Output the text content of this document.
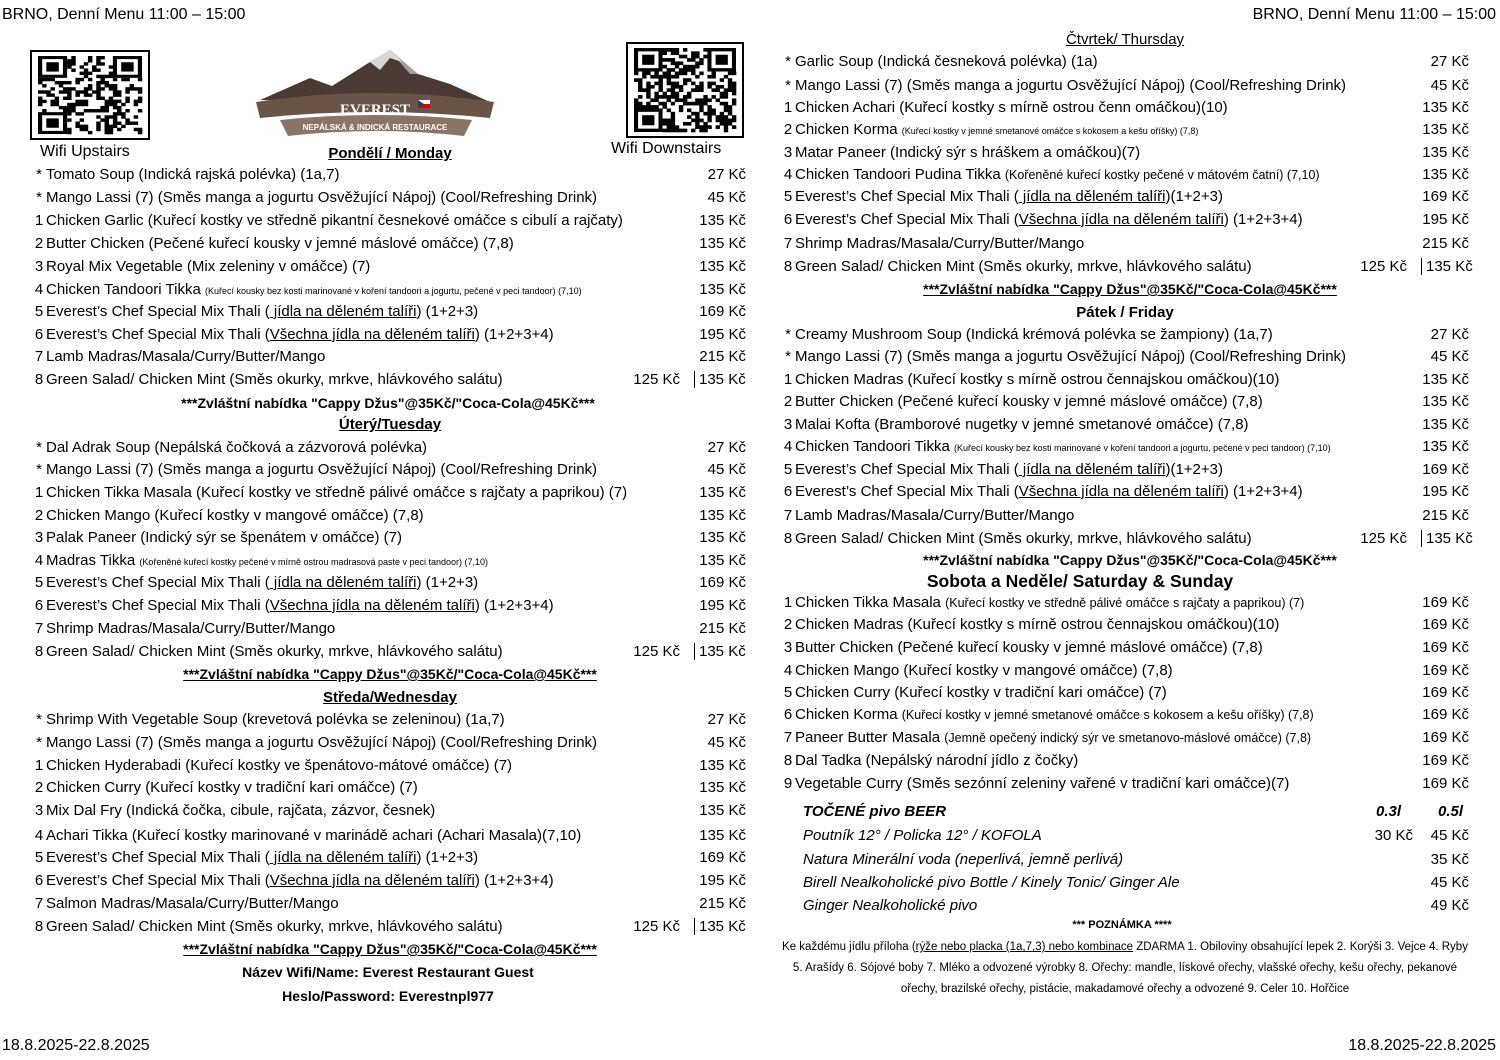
BRNO, Denní Menu 11:00 – 15:00	BRNO, Denní Menu 11:00 – 15:00
18.8.2025-22.8.2025	18.8.2025-22.8.2025
Wifi Upstairs	Wifi Downstairs
since	2010
EVEREST
NEPÁLSKÁ & INDICKÁ RESTAURACE
Pondělí / Monday
* Tomato Soup (Indická rajská polévka) (1a,7)	27 Kč
* Mango Lassi (7) (Směs manga a jogurtu Osvěžující Nápoj) (Cool/Refreshing Drink)	45 Kč
1 Chicken Garlic (Kuřecí kostky ve středně pikantní česnekové omáčce s cibulí a rajčaty)	135 Kč
2 Butter Chicken (Pečené kuřecí kousky v jemné máslové omáčce) (7,8)	135 Kč
3 Royal Mix Vegetable (Mix zeleniny v omáčce) (7)	135 Kč
4 Chicken Tandoori Tikka (Kuřecí kousky bez kosti marinované v koření tandoori a jogurtu, pečené v peci tandoor) (7,10)	135 Kč
5 Everest’s Chef Special Mix Thali ( jídla na děleném talíři) (1+2+3)	169 Kč
6 Everest’s Chef Special Mix Thali (Všechna jídla na děleném talíři) (1+2+3+4)	195 Kč
7 Lamb Madras/Masala/Curry/Butter/Mango	215 Kč
8 Green Salad/ Chicken Mint (Směs okurky, mrkve, hlávkového salátu)	125 Kč	135 Kč
***Zvláštní nabídka "Cappy Džus"@35Kč/"Coca-Cola@45Kč***
Úterý/Tuesday
* Dal Adrak Soup (Nepálská čočková a zázvorová polévka)	27 Kč
* Mango Lassi (7) (Směs manga a jogurtu Osvěžující Nápoj) (Cool/Refreshing Drink)	45 Kč
1 Chicken Tikka Masala (Kuřecí kostky ve středně pálivé omáčce s rajčaty a paprikou) (7)	135 Kč
2 Chicken Mango (Kuřecí kostky v mangové omáčce) (7,8)	135 Kč
3 Palak Paneer (Indický sýr se špenátem v omáčce) (7)	135 Kč
4 Madras Tikka (Kořeněné kuřecí kostky pečené v mírně ostrou madrasová paste v peci tandoor) (7,10)	135 Kč
5 Everest’s Chef Special Mix Thali ( jídla na děleném talíři) (1+2+3)	169 Kč
6 Everest’s Chef Special Mix Thali (Všechna jídla na děleném talíři) (1+2+3+4)	195 Kč
7 Shrimp Madras/Masala/Curry/Butter/Mango	215 Kč
8 Green Salad/ Chicken Mint (Směs okurky, mrkve, hlávkového salátu)	125 Kč	135 Kč
***Zvláštní nabídka "Cappy Džus"@35Kč/"Coca-Cola@45Kč***
Středa/Wednesday
* Shrimp With Vegetable Soup (krevetová polévka se zeleninou) (1a,7)	27 Kč
* Mango Lassi (7) (Směs manga a jogurtu Osvěžující Nápoj) (Cool/Refreshing Drink)	45 Kč
1 Chicken Hyderabadi (Kuřecí kostky ve špenátovo-mátové omáčce) (7)	135 Kč
2 Chicken Curry (Kuřecí kostky v tradiční kari omáčce) (7)	135 Kč
3 Mix Dal Fry (Indická čočka, cibule, rajčata, zázvor, česnek)	135 Kč
4 Achari Tikka (Kuřecí kostky marinované v marinádě achari (Achari Masala)(7,10)	135 Kč
5 Everest’s Chef Special Mix Thali ( jídla na děleném talíři) (1+2+3)	169 Kč
6 Everest’s Chef Special Mix Thali (Všechna jídla na děleném talíři) (1+2+3+4)	195 Kč
7 Salmon Madras/Masala/Curry/Butter/Mango	215 Kč
8 Green Salad/ Chicken Mint (Směs okurky, mrkve, hlávkového salátu)	125 Kč	135 Kč
***Zvláštní nabídka "Cappy Džus"@35Kč/"Coca-Cola@45Kč***
Čtvrtek/ Thursday
* Garlic Soup (Indická česneková polévka) (1a)	27 Kč
* Mango Lassi (7) (Směs manga a jogurtu Osvěžující Nápoj) (Cool/Refreshing Drink)	45 Kč
1 Chicken Achari (Kuřecí kostky s mírně ostrou čenn omáčkou)(10)	135 Kč
2 Chicken Korma (Kuřecí kostky v jemné smetanové omáčce s kokosem a kešu oříšky) (7,8)	135 Kč
3 Matar Paneer (Indický sýr s hráškem a omáčkou)(7)	135 Kč
4 Chicken Tandoori Pudina Tikka (Kořeněné kuřecí kostky pečené v mátovém čatní) (7,10)	135 Kč
5 Everest’s Chef Special Mix Thali ( jídla na děleném talíři)(1+2+3)	169 Kč
6 Everest’s Chef Special Mix Thali (Všechna jídla na děleném talíři) (1+2+3+4)	195 Kč
7 Shrimp Madras/Masala/Curry/Butter/Mango	215 Kč
8 Green Salad/ Chicken Mint (Směs okurky, mrkve, hlávkového salátu)	125 Kč	135 Kč
***Zvláštní nabídka "Cappy Džus"@35Kč/"Coca-Cola@45Kč***
Pátek / Friday
* Creamy Mushroom Soup (Indická krémová polévka se žampiony) (1a,7)	27 Kč
* Mango Lassi (7) (Směs manga a jogurtu Osvěžující Nápoj) (Cool/Refreshing Drink)	45 Kč
1 Chicken Madras (Kuřecí kostky s mírně ostrou čennajskou omáčkou)(10)	135 Kč
2 Butter Chicken (Pečené kuřecí kousky v jemné máslové omáčce) (7,8)	135 Kč
3 Malai Kofta (Bramborové nugetky v jemné smetanové omáčce) (7,8)	135 Kč
4 Chicken Tandoori Tikka (Kuřecí kousky bez kosti marinované v koření tandoori a jogurtu, pečené v peci tandoor) (7,10)	135 Kč
5 Everest’s Chef Special Mix Thali ( jídla na děleném talíři)(1+2+3)	169 Kč
6 Everest’s Chef Special Mix Thali (Všechna jídla na děleném talíři) (1+2+3+4)	195 Kč
7 Lamb Madras/Masala/Curry/Butter/Mango	215 Kč
8 Green Salad/ Chicken Mint (Směs okurky, mrkve, hlávkového salátu)	125 Kč	135 Kč
***Zvláštní nabídka "Cappy Džus"@35Kč/"Coca-Cola@45Kč***
Sobota a Neděle/ Saturday & Sunday
1 Chicken Tikka Masala (Kuřecí kostky ve středně pálivé omáčce s rajčaty a paprikou) (7)	169 Kč
2 Chicken Madras (Kuřecí kostky s mírně ostrou čennajskou omáčkou)(10)	169 Kč
3 Butter Chicken (Pečené kuřecí kousky v jemné máslové omáčce) (7,8)	169 Kč
4 Chicken Mango (Kuřecí kostky v mangové omáčce) (7,8)	169 Kč
5 Chicken Curry (Kuřecí kostky v tradiční kari omáčce) (7)	169 Kč
6 Chicken Korma (Kuřecí kostky v jemné smetanové omáčce s kokosem a kešu oříšky) (7,8)	169 Kč
7 Paneer Butter Masala (Jemně opečený indický sýr ve smetanovo-máslové omáčce) (7,8)	169 Kč
8 Dal Tadka (Nepálský národní jídlo z čočky)	169 Kč
9 Vegetable Curry (Směs sezónní zeleniny vařené v tradiční kari omáčce)(7)	169 Kč
Název Wifi/Name: Everest Restaurant Guest
Heslo/Password: Everestnpl977
TOČENÉ pivo BEER	0.3l 0.5l
Poutník 12° / Policka 12° / KOFOLA	30 Kč 45 Kč
Natura Minerální voda (neperlivá, jemně perlivá)	35 Kč
Birell Nealkoholické pivo Bottle / Kinely Tonic/ Ginger Ale	45 Kč
Ginger Nealkoholické pivo	49 Kč
*** POZNÁMKA ****
Ke každému jídlu příloha (rýže nebo placka (1a,7,3) nebo kombinace ZDARMA 1. Obiloviny obsahující lepek 2. Korýši 3. Vejce 4. Ryby 5. Arašídy 6. Sójové boby 7. Mléko a odvozené výrobky 8. Ořechy: mandle, lískové ořechy, vlašské ořechy, kešu ořechy, pekanové ořechy, brazilské ořechy, pistácie, makadamové ořechy a odvozené 9. Celer 10. Hořčice
